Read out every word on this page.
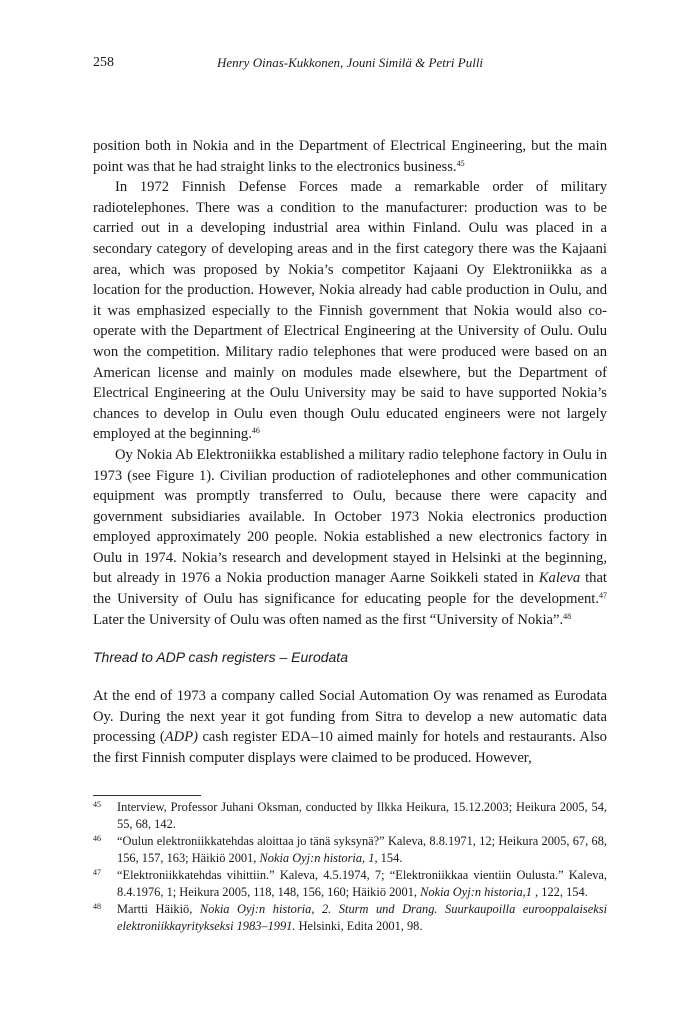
258	Henry Oinas-Kukkonen, Jouni Similä & Petri Pulli

position both in Nokia and in the Department of Electrical Engineering, but the main point was that he had straight links to the electronics business.$^{45}$

In 1972 Finnish Defense Forces made a remarkable order of military radiotelephones. There was a condition to the manufacturer: production was to be carried out in a developing industrial area within Finland. Oulu was placed in a secondary category of developing areas and in the first category there was the Kajaani area, which was proposed by Nokia’s competitor Kajaani Oy Elektroniikka as a location for the production. However, Nokia already had cable production in Oulu, and it was emphasized especially to the Finnish government that Nokia would also co-operate with the Department of Electrical Engineering at the University of Oulu. Oulu won the competition. Military radio telephones that were produced were based on an American license and mainly on modules made elsewhere, but the Department of Electrical Engineering at the Oulu University may be said to have supported Nokia’s chances to develop in Oulu even though Oulu educated engineers were not largely employed at the beginning.$^{46}$

Oy Nokia Ab Elektroniikka established a military radio telephone factory in Oulu in 1973 (see Figure 1). Civilian production of radiotelephones and other communication equipment was promptly transferred to Oulu, because there were capacity and government subsidiaries available. In October 1973 Nokia electronics production employed approximately 200 people. Nokia established a new electronics factory in Oulu in 1974. Nokia’s research and development stayed in Helsinki at the beginning, but already in 1976 a Nokia production manager Aarne Soikkeli stated in Kaleva that the University of Oulu has significance for educating people for the development.$^{47}$ Later the University of Oulu was often named as the first “University of Nokia”.$^{48}$

Thread to ADP cash registers – Eurodata

At the end of 1973 a company called Social Automation Oy was renamed as Eurodata Oy. During the next year it got funding from Sitra to develop a new automatic data processing (ADP) cash register EDA–10 aimed mainly for hotels and restaurants. Also the first Finnish computer displays were claimed to be produced. However,

45 Interview, Professor Juhani Oksman, conducted by Ilkka Heikura, 15.12.2003; Heikura 2005, 54, 55, 68, 142.
46 “Oulun elektroniikkatehdas aloittaa jo tänä syksynä?” Kaleva, 8.8.1971, 12; Heikura 2005, 67, 68, 156, 157, 163; Häikiö 2001, Nokia Oyj:n historia, 1, 154.
47 “Elektroniikkatehdas vihittiin.” Kaleva, 4.5.1974, 7; “Elektroniikkaa vientiin Oulusta.” Kaleva, 8.4.1976, 1; Heikura 2005, 118, 148, 156, 160; Häikiö 2001, Nokia Oyj:n historia,1 , 122, 154.
48 Martti Häikiö, Nokia Oyj:n historia, 2. Sturm und Drang. Suurkaupoilla eurooppalaiseksi elektroniikkayritykseksi 1983–1991. Helsinki, Edita 2001, 98.
